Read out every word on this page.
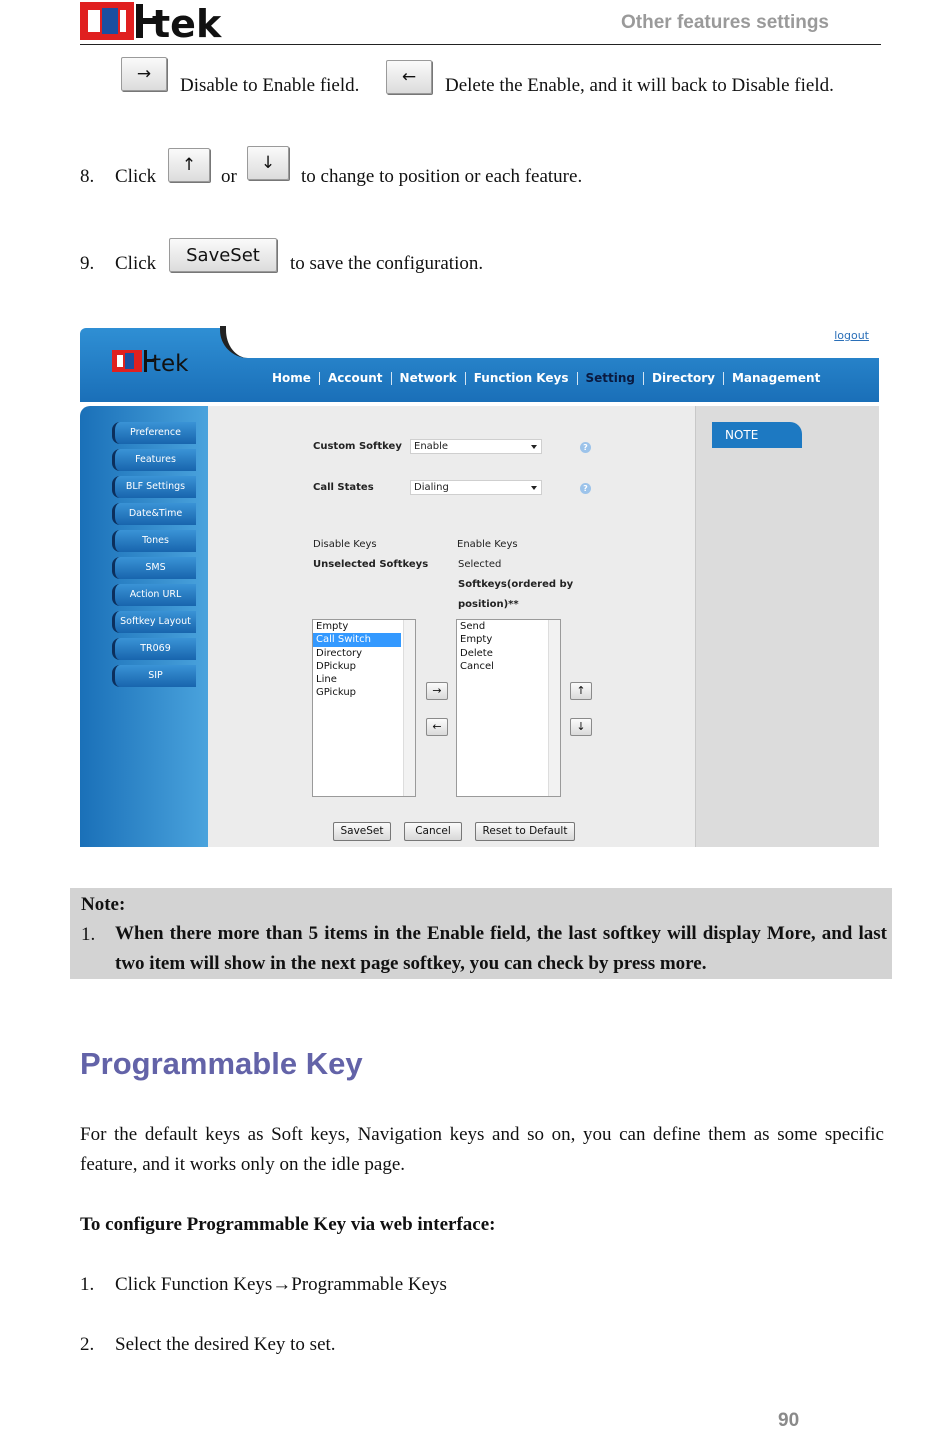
tek	Other features settings
→
Disable to Enable field.	←	Delete the Enable, and it will back to Disable field.
8. Click
↑
or
↓
to change to position or each feature.
9. Click	SaveSet	to save the configuration.
logout
tek
Home	Account	Network	Function Keys	Setting	Directory	Management
Preference
Features
BLF Settings
Date&Time
Tones
SMS
Action URL
Softkey Layout
TR069
SIP
Custom Softkey	Enable	?
Call States	Dialing	?
Disable Keys
Unselected Softkeys
Enable Keys
Selected
Softkeys(ordered by
position)**
Empty
Call Switch
Directory
DPickup
Line
GPickup	→
←
Send
Empty
Delete
Cancel
↑
↓
SaveSet	Cancel	Reset to Default
NOTE
Note:
1. When there more than 5 items in the Enable field, the last softkey will display More, and last two item will show in the next page softkey, you can check by press more.
Programmable Key
For the default keys as Soft keys, Navigation keys and so on, you can define them as some specific feature, and it works only on the idle page.
To configure Programmable Key via web interface:
1. Click Function Keys→Programmable Keys
2. Select the desired Key to set.
90
